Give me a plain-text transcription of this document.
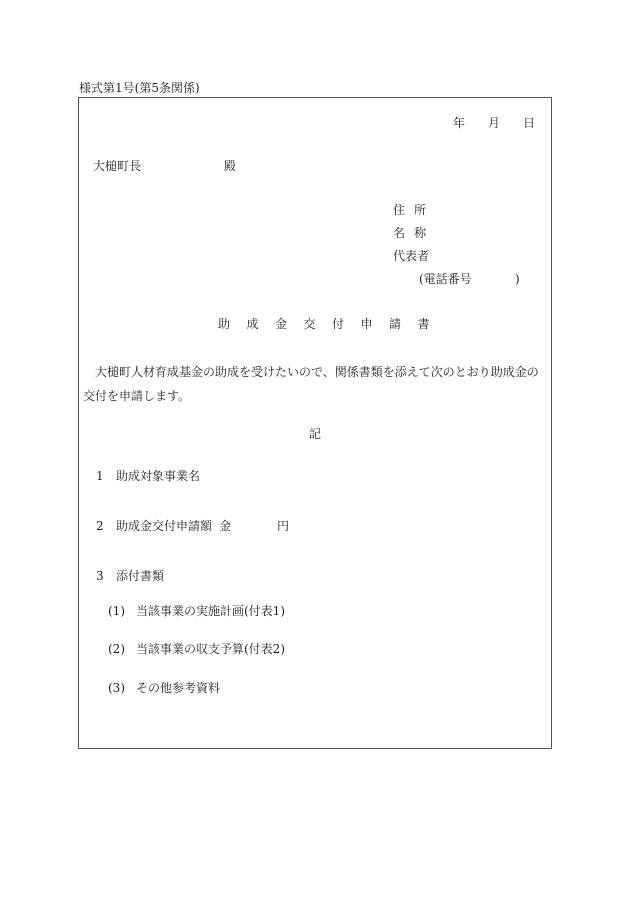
様式第1号(第5条関係)
年 月 日
大槌町長	殿
住所
名称
代表者
(電話番号	)
助成金交付申請書
大槌町人材育成基金の助成を受けたいので、関係書類を添えて次のとおり助成金の交付を申請します。
記
1 助成対象事業名
2 助成金交付申請額 金	円
3 添付書類
(1) 当該事業の実施計画(付表1)
(2) 当該事業の収支予算(付表2)
(3) その他参考資料
